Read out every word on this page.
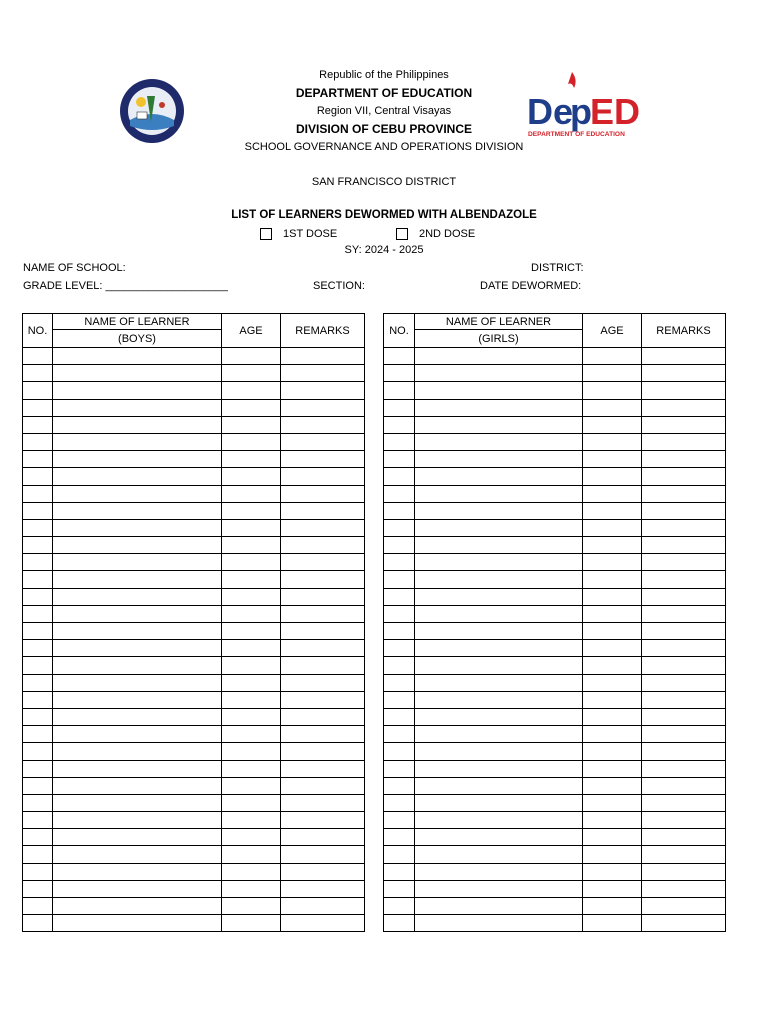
Republic of the Philippines
DEPARTMENT OF EDUCATION
Region VII, Central Visayas
DIVISION OF CEBU PROVINCE
SCHOOL GOVERNANCE AND OPERATIONS DIVISION
SAN FRANCISCO DISTRICT
De
p
ED
DEPARTMENT OF EDUCATION
LIST OF LEARNERS DEWORMED WITH ALBENDAZOLE
1ST DOSE	2ND DOSE
SY: 2024 - 2025
NAME OF SCHOOL:	DISTRICT:
GRADE LEVEL: ____________________	SECTION:	DATE DEWORMED:
NO.	NAME OF LEARNER	AGE	REMARKS
	(BOYS)		

NO.	NAME OF LEARNER	AGE	REMARKS
	(GIRLS)		
